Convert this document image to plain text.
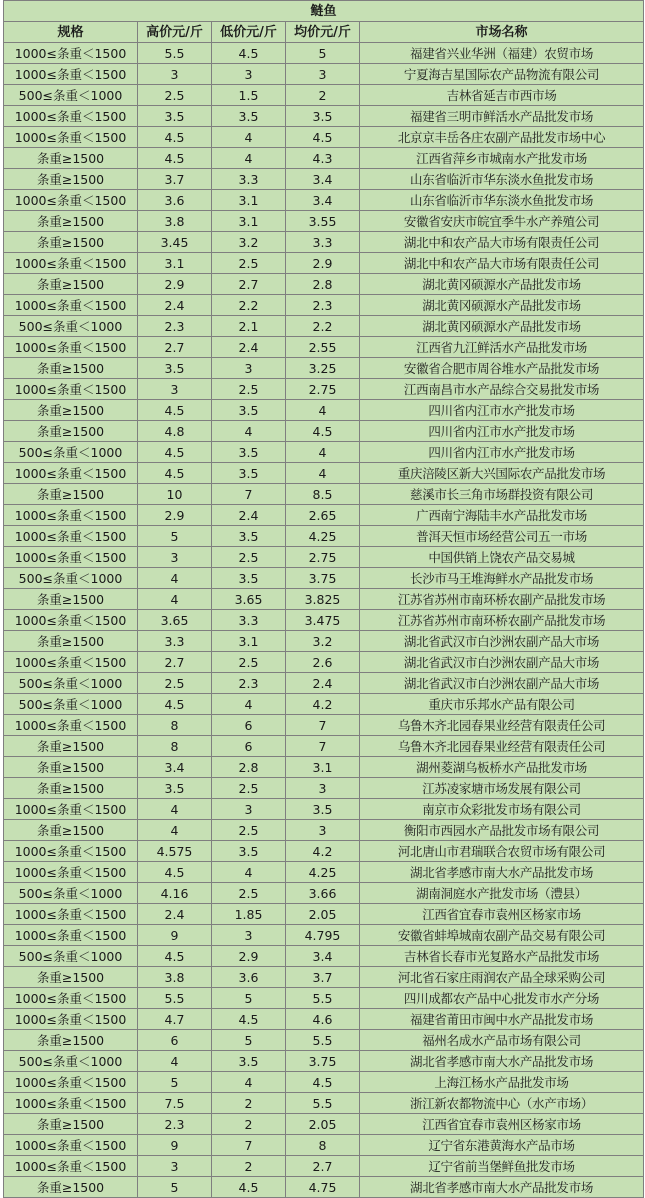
鲢鱼				
规格	高价元/斤	低价元/斤	均价元/斤	市场名称
1000≤条重＜1500	5.5	4.5	5	福建省兴业华洲（福建）农贸市场
1000≤条重＜1500	3	3	3	宁夏海吉星国际农产品物流有限公司
500≤条重＜1000	2.5	1.5	2	吉林省延吉市西市场
1000≤条重＜1500	3.5	3.5	3.5	福建省三明市鲜活水产品批发市场
1000≤条重＜1500	4.5	4	4.5	北京京丰岳各庄农副产品批发市场中心
条重≥1500	4.5	4	4.3	江西省萍乡市城南水产批发市场
条重≥1500	3.7	3.3	3.4	山东省临沂市华东淡水鱼批发市场
1000≤条重＜1500	3.6	3.1	3.4	山东省临沂市华东淡水鱼批发市场
条重≥1500	3.8	3.1	3.55	安徽省安庆市皖宜季牛水产养殖公司
条重≥1500	3.45	3.2	3.3	湖北中和农产品大市场有限责任公司
1000≤条重＜1500	3.1	2.5	2.9	湖北中和农产品大市场有限责任公司
条重≥1500	2.9	2.7	2.8	湖北黄冈硕源水产品批发市场
1000≤条重＜1500	2.4	2.2	2.3	湖北黄冈硕源水产品批发市场
500≤条重＜1000	2.3	2.1	2.2	湖北黄冈硕源水产品批发市场
1000≤条重＜1500	2.7	2.4	2.55	江西省九江鲜活水产品批发市场
条重≥1500	3.5	3	3.25	安徽省合肥市周谷堆水产品批发市场
1000≤条重＜1500	3	2.5	2.75	江西南昌市水产品综合交易批发市场
条重≥1500	4.5	3.5	4	四川省内江市水产批发市场
条重≥1500	4.8	4	4.5	四川省内江市水产批发市场
500≤条重＜1000	4.5	3.5	4	四川省内江市水产批发市场
1000≤条重＜1500	4.5	3.5	4	重庆涪陵区新大兴国际农产品批发市场
条重≥1500	10	7	8.5	慈溪市长三角市场群投资有限公司
1000≤条重＜1500	2.9	2.4	2.65	广西南宁海陆丰水产品批发市场
1000≤条重＜1500	5	3.5	4.25	普洱天恒市场经营公司五一市场
1000≤条重＜1500	3	2.5	2.75	中国供销上饶农产品交易城
500≤条重＜1000	4	3.5	3.75	长沙市马王堆海鲜水产品批发市场
条重≥1500	4	3.65	3.825	江苏省苏州市南环桥农副产品批发市场
1000≤条重＜1500	3.65	3.3	3.475	江苏省苏州市南环桥农副产品批发市场
条重≥1500	3.3	3.1	3.2	湖北省武汉市白沙洲农副产品大市场
1000≤条重＜1500	2.7	2.5	2.6	湖北省武汉市白沙洲农副产品大市场
500≤条重＜1000	2.5	2.3	2.4	湖北省武汉市白沙洲农副产品大市场
500≤条重＜1000	4.5	4	4.2	重庆市乐邦水产品有限公司
1000≤条重＜1500	8	6	7	乌鲁木齐北园春果业经营有限责任公司
条重≥1500	8	6	7	乌鲁木齐北园春果业经营有限责任公司
条重≥1500	3.4	2.8	3.1	湖州菱湖乌板桥水产品批发市场
条重≥1500	3.5	2.5	3	江苏凌家塘市场发展有限公司
1000≤条重＜1500	4	3	3.5	南京市众彩批发市场有限公司
条重≥1500	4	2.5	3	衡阳市西园水产品批发市场有限公司
1000≤条重＜1500	4.575	3.5	4.2	河北唐山市君瑞联合农贸市场有限公司
1000≤条重＜1500	4.5	4	4.25	湖北省孝感市南大水产品批发市场
500≤条重＜1000	4.16	2.5	3.66	湖南洞庭水产批发市场（澧县）
1000≤条重＜1500	2.4	1.85	2.05	江西省宜春市袁州区杨家市场
1000≤条重＜1500	9	3	4.795	安徽省蚌埠城南农副产品交易有限公司
500≤条重＜1000	4.5	2.9	3.4	吉林省长春市光复路水产品批发市场
条重≥1500	3.8	3.6	3.7	河北省石家庄雨润农产品全球采购公司
1000≤条重＜1500	5.5	5	5.5	四川成都农产品中心批发市水产分场
1000≤条重＜1500	4.7	4.5	4.6	福建省莆田市闽中水产品批发市场
条重≥1500	6	5	5.5	福州名成水产品市场有限公司
500≤条重＜1000	4	3.5	3.75	湖北省孝感市南大水产品批发市场
1000≤条重＜1500	5	4	4.5	上海江杨水产品批发市场
1000≤条重＜1500	7.5	2	5.5	浙江新农都物流中心（水产市场）
条重≥1500	2.3	2	2.05	江西省宜春市袁州区杨家市场
1000≤条重＜1500	9	7	8	辽宁省东港黄海水产品市场
1000≤条重＜1500	3	2	2.7	辽宁省前当堡鲜鱼批发市场
条重≥1500	5	4.5	4.75	湖北省孝感市南大水产品批发市场
